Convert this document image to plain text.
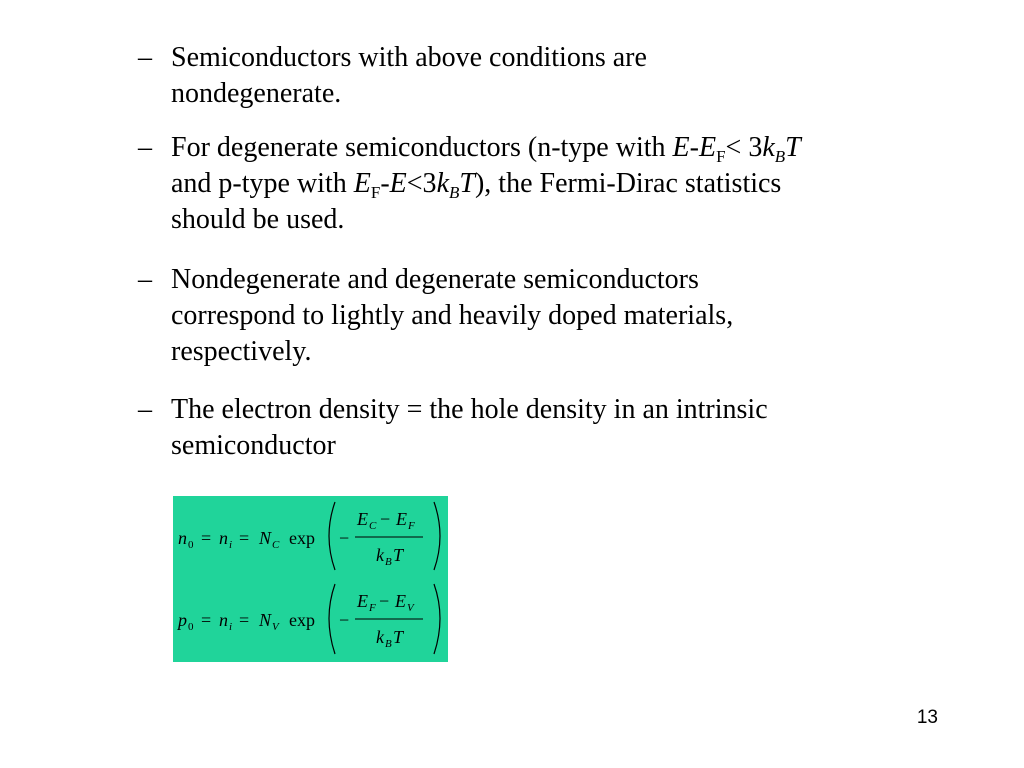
– Semiconductors with above conditions are
nondegenerate.
– For degenerate semiconductors (n-type with $E-E_F< 3k_BT$
and p-type with $E_F-E<3k_BT$), the Fermi-Dirac statistics
should be used.
– Nondegenerate and degenerate semiconductors
correspond to lightly and heavily doped materials,
respectively.
– The electron density = the hole density in an intrinsic
semiconductor
n 0 = n i = N C exp −
E C − E F
k B T
p 0 = n i = N V exp −
E F − E V
k B T
13
